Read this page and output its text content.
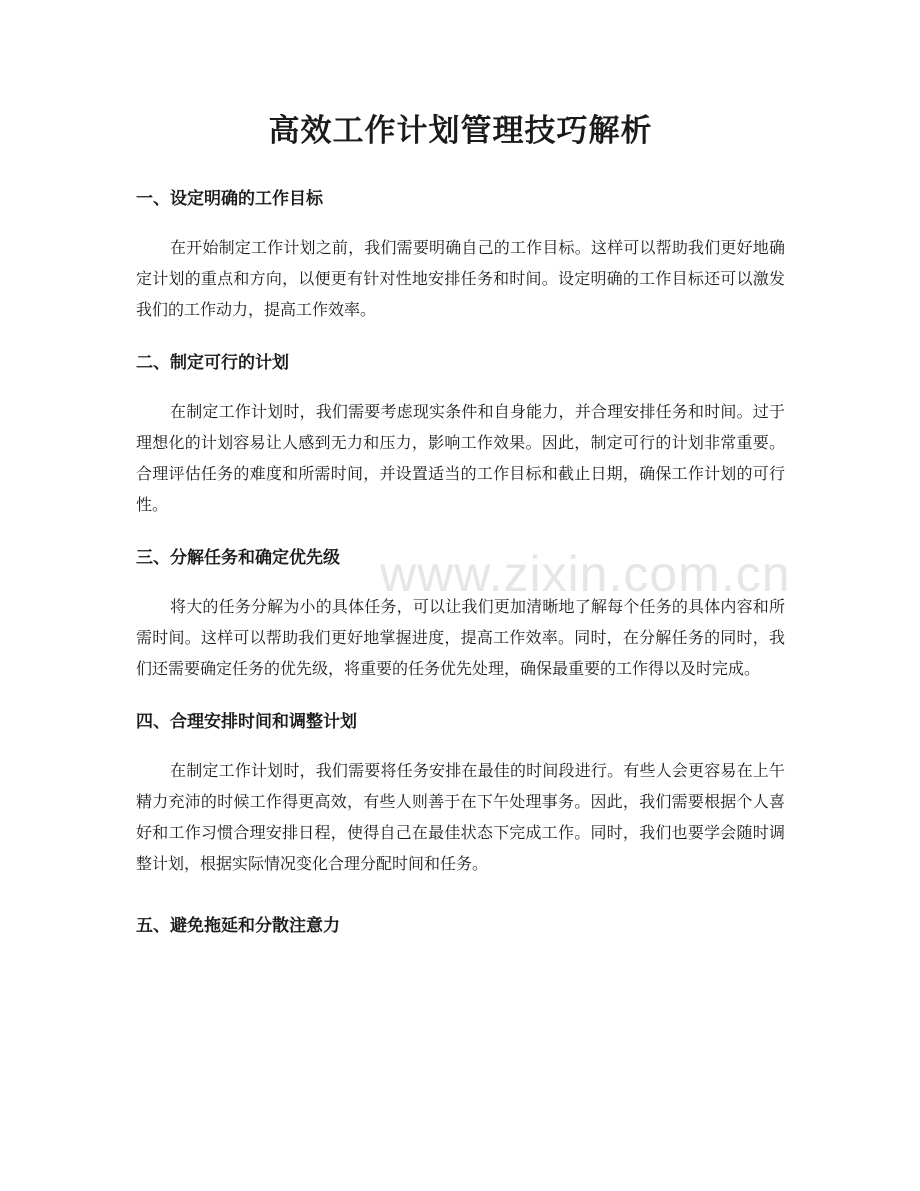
www.zixin.com.cn
高效工作计划管理技巧解析
一、设定明确的工作目标

在开始制定工作计划之前，我们需要明确自己的工作目标。这样可以帮助我们更好地确定计划的重点和方向，以便更有针对性地安排任务和时间。设定明确的工作目标还可以激发我们的工作动力，提高工作效率。

二、制定可行的计划

在制定工作计划时，我们需要考虑现实条件和自身能力，并合理安排任务和时间。过于理想化的计划容易让人感到无力和压力，影响工作效果。因此，制定可行的计划非常重要。合理评估任务的难度和所需时间，并设置适当的工作目标和截止日期，确保工作计划的可行性。

三、分解任务和确定优先级

将大的任务分解为小的具体任务，可以让我们更加清晰地了解每个任务的具体内容和所需时间。这样可以帮助我们更好地掌握进度，提高工作效率。同时，在分解任务的同时，我们还需要确定任务的优先级，将重要的任务优先处理，确保最重要的工作得以及时完成。

四、合理安排时间和调整计划

在制定工作计划时，我们需要将任务安排在最佳的时间段进行。有些人会更容易在上午精力充沛的时候工作得更高效，有些人则善于在下午处理事务。因此，我们需要根据个人喜好和工作习惯合理安排日程，使得自己在最佳状态下完成工作。同时，我们也要学会随时调整计划，根据实际情况变化合理分配时间和任务。

五、避免拖延和分散注意力
